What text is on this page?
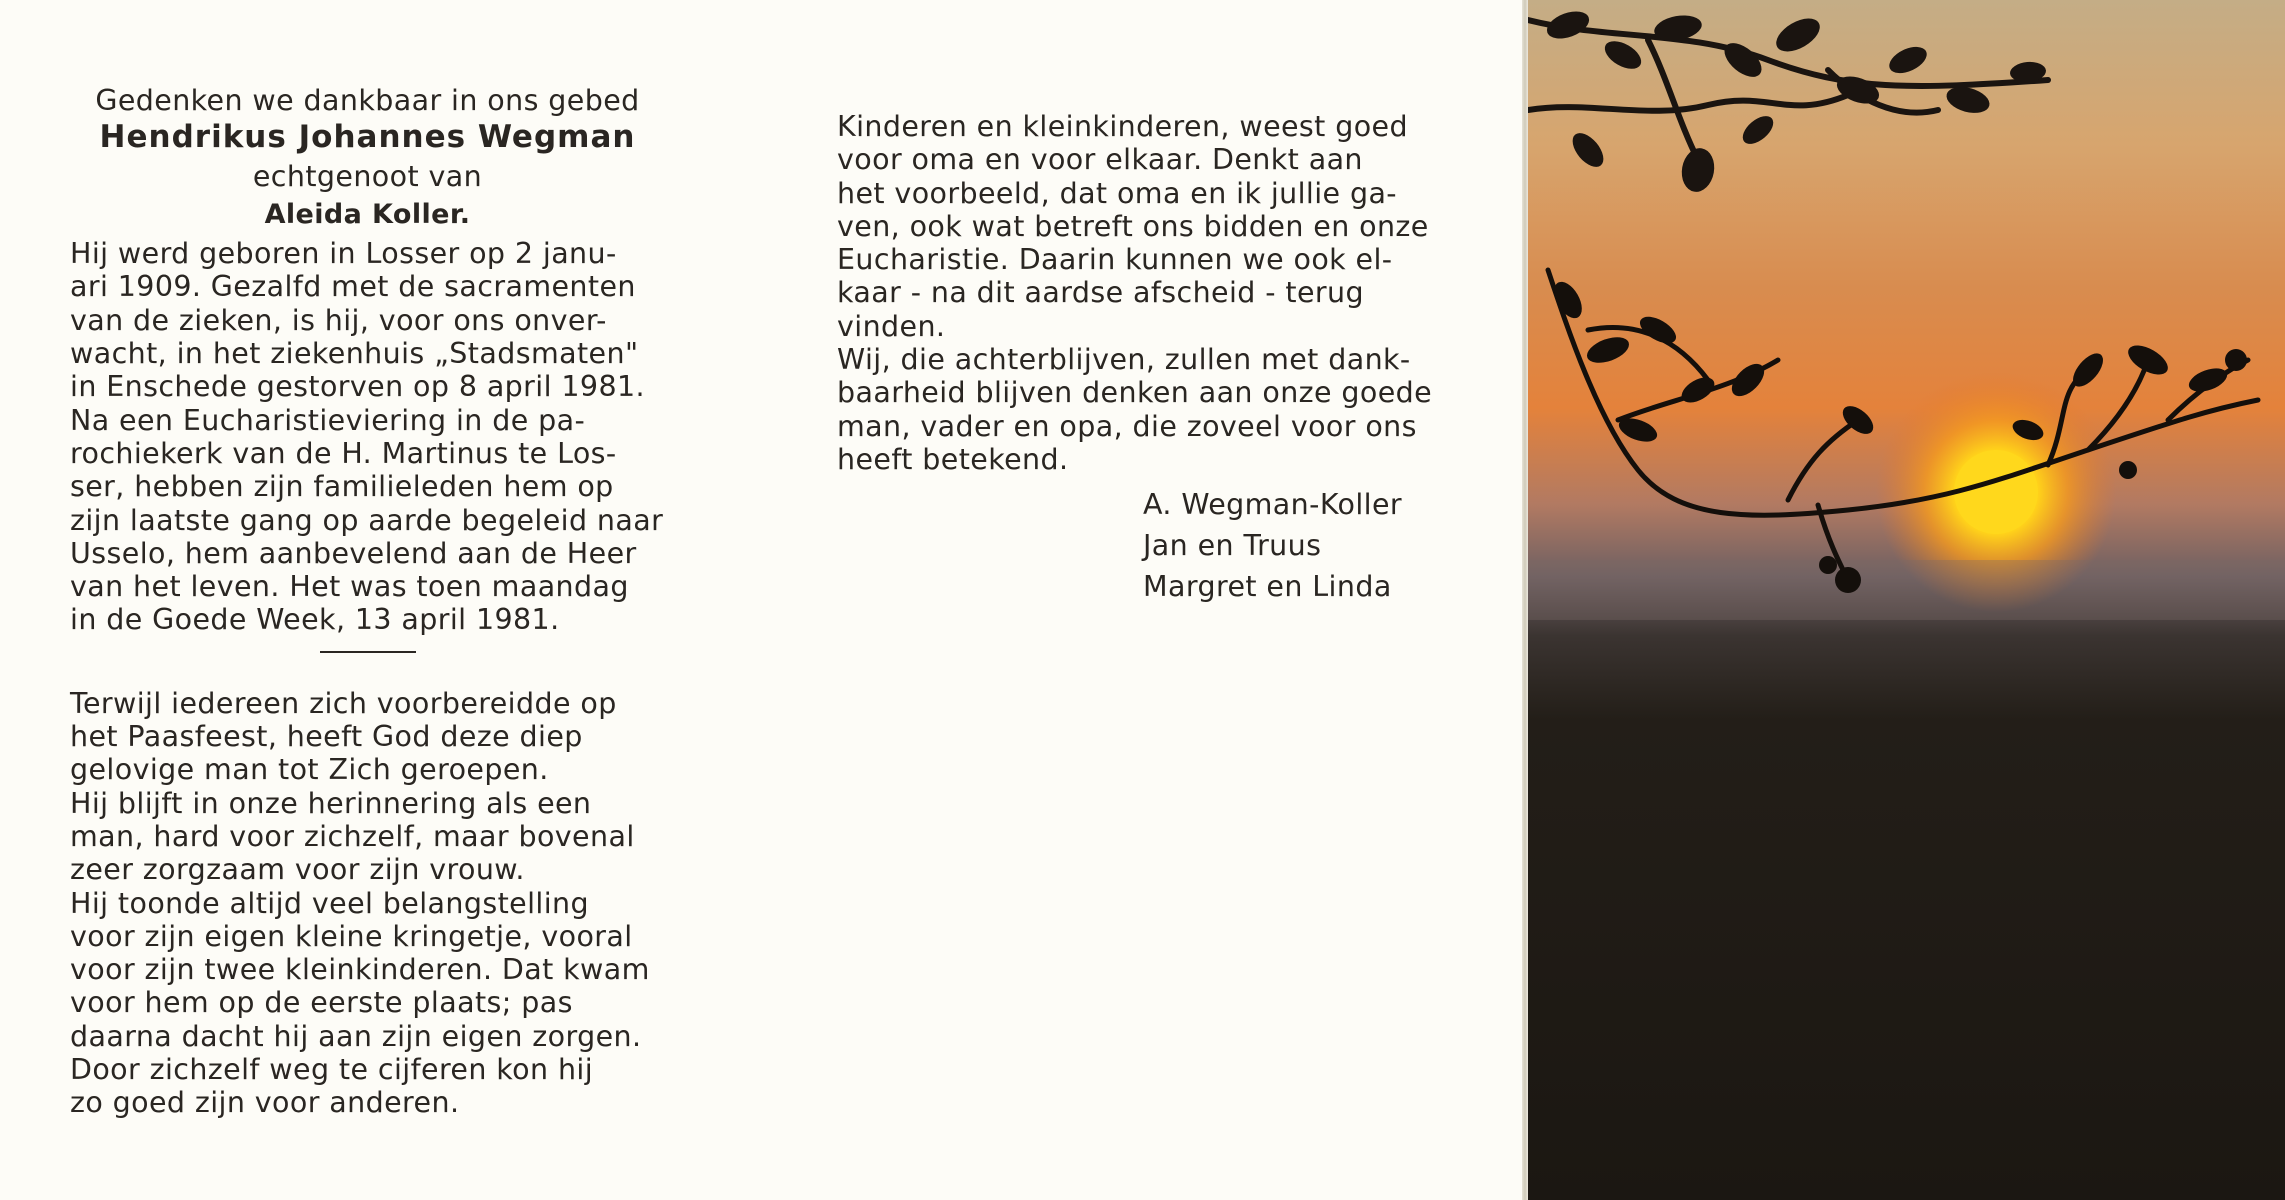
Gedenken we dankbaar in ons gebed
Hendrikus Johannes Wegman
echtgenoot van
Aleida Koller.
Hij werd geboren in Losser op 2 janu-
ari 1909. Gezalfd met de sacramenten
van de zieken, is hij, voor ons onver-
wacht, in het ziekenhuis „Stadsmaten"
in Enschede gestorven op 8 april 1981.
Na een Eucharistieviering in de pa-
rochiekerk van de H. Martinus te Los-
ser, hebben zijn familieleden hem op
zijn laatste gang op aarde begeleid naar
Usselo, hem aanbevelend aan de Heer
van het leven. Het was toen maandag
in de Goede Week, 13 april 1981.
Terwijl iedereen zich voorbereidde op
het Paasfeest, heeft God deze diep
gelovige man tot Zich geroepen.
Hij blijft in onze herinnering als een
man, hard voor zichzelf, maar bovenal
zeer zorgzaam voor zijn vrouw.
Hij toonde altijd veel belangstelling
voor zijn eigen kleine kringetje, vooral
voor zijn twee kleinkinderen. Dat kwam
voor hem op de eerste plaats; pas
daarna dacht hij aan zijn eigen zorgen.
Door zichzelf weg te cijferen kon hij
zo goed zijn voor anderen.
Kinderen en kleinkinderen, weest goed
voor oma en voor elkaar. Denkt aan
het voorbeeld, dat oma en ik jullie ga-
ven, ook wat betreft ons bidden en onze
Eucharistie. Daarin kunnen we ook el-
kaar - na dit aardse afscheid - terug
vinden.
Wij, die achterblijven, zullen met dank-
baarheid blijven denken aan onze goede
man, vader en opa, die zoveel voor ons
heeft betekend.
A. Wegman-Koller
Jan en Truus
Margret en Linda
